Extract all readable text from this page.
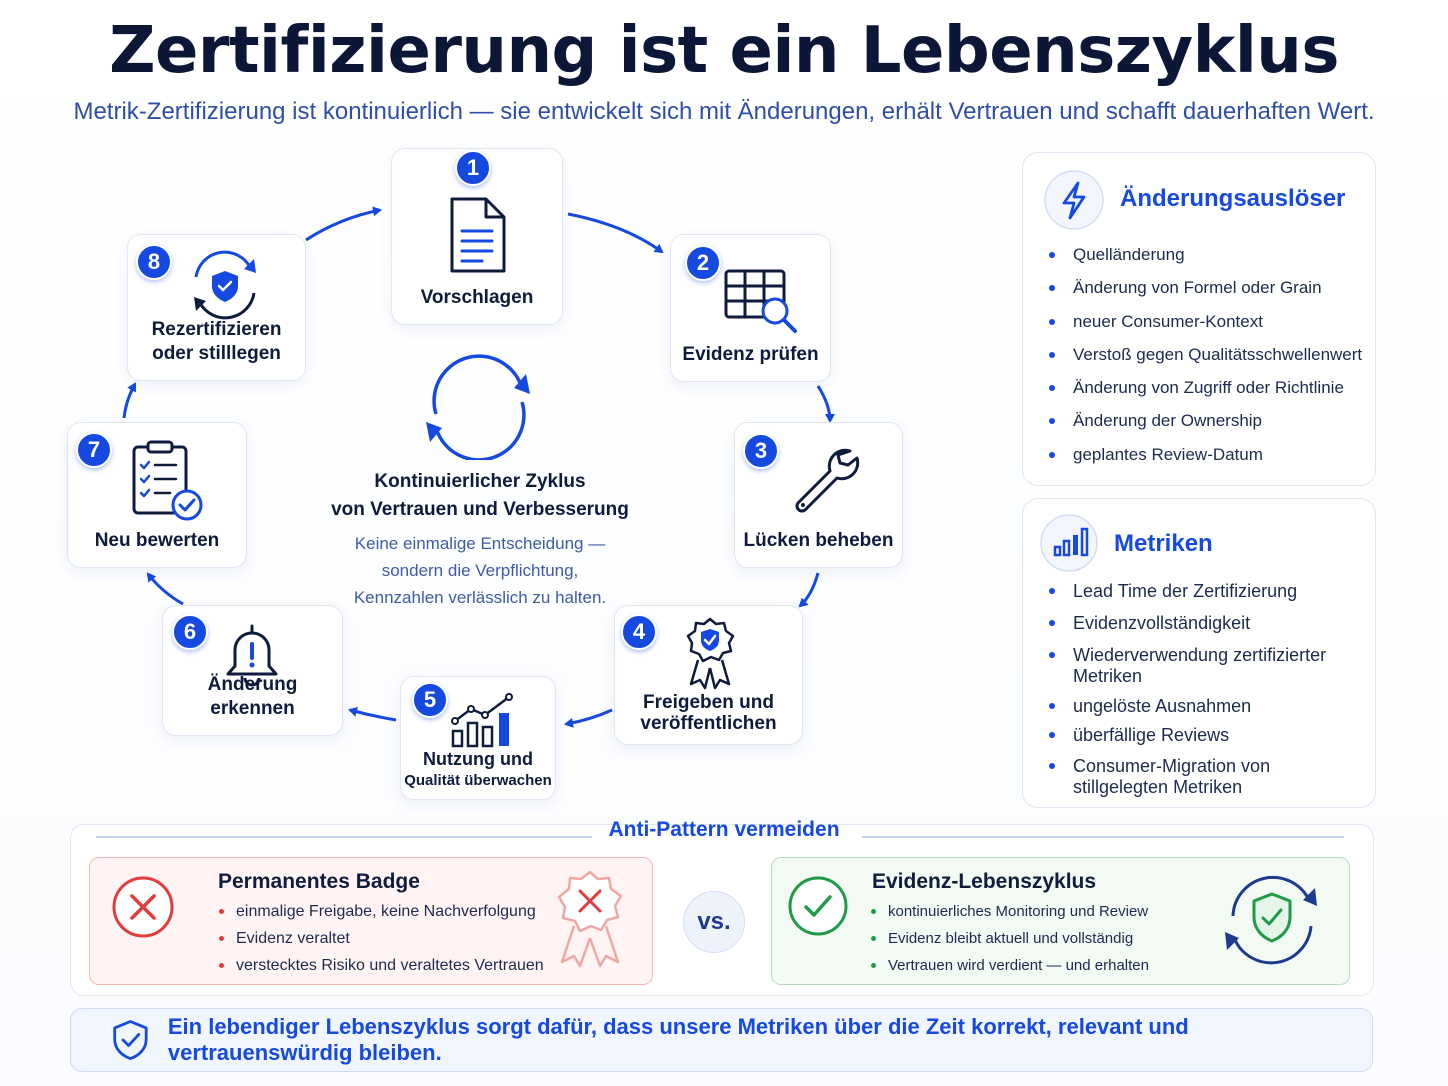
Zertifizierung ist ein Lebenszyklus
Metrik-Zertifizierung ist kontinuierlich — sie entwickelt sich mit Änderungen, erhält Vertrauen und schafft dauerhaften Wert.
Vorschlagen
1
Evidenz prüfen
2
Lücken beheben
3
Freigeben und
veröffentlichen
4
Nutzung und
Qualität überwachen
5
Änderung erkennen
6
Neu bewerten
7
Rezertifizieren
oder stilllegen
8
Kontinuierlicher Zyklus
von Vertrauen und Verbesserung
Keine einmalige Entscheidung —
sondern die Verpflichtung,
Kennzahlen verlässlich zu halten.
Änderungsauslöser
Quelländerung
Änderung von Formel oder Grain
neuer Consumer-Kontext
Verstoß gegen Qualitätsschwellenwert
Änderung von Zugriff oder Richtlinie
Änderung der Ownership
geplantes Review-Datum
Metriken
Lead Time der Zertifizierung
Evidenzvollständigkeit
Wiederverwendung zertifizierter Metriken
ungelöste Ausnahmen
überfällige Reviews
Consumer-Migration von stillgelegten Metriken
Anti-Pattern vermeiden
Permanentes Badge
einmalige Freigabe, keine Nachverfolgung
Evidenz veraltet
verstecktes Risiko und veraltetes Vertrauen
vs.
Evidenz-Lebenszyklus
kontinuierliches Monitoring und Review
Evidenz bleibt aktuell und vollständig
Vertrauen wird verdient — und erhalten
Ein lebendiger Lebenszyklus sorgt dafür, dass unsere Metriken über die Zeit korrekt, relevant und vertrauenswürdig bleiben.
